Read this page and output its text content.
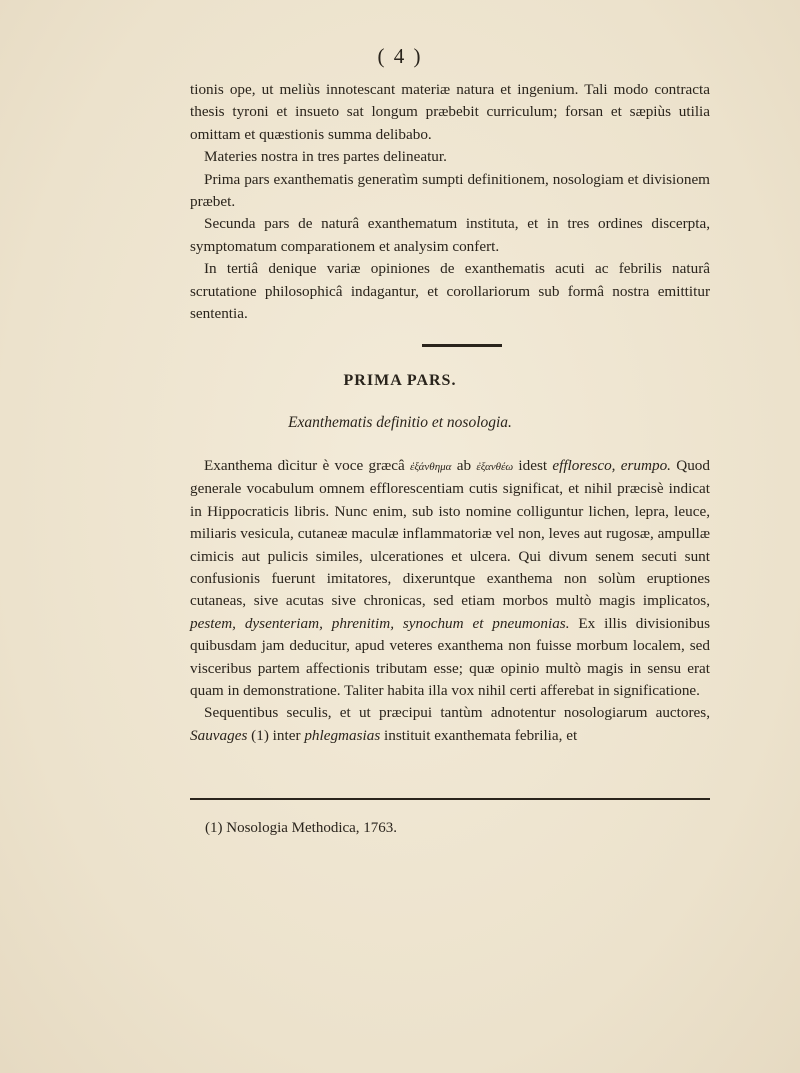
( 4 )

tionis ope, ut meliùs innotescant materiæ natura et ingenium. Tali modo contracta thesis tyroni et insueto sat longum præbebit curriculum; forsan et sæpiùs utilia omittam et quæstionis summa delibabo.

Materies nostra in tres partes delineatur.

Prima pars exanthematis generatìm sumpti definitionem, nosologiam et divisionem præbet.

Secunda pars de naturâ exanthematum instituta, et in tres ordines discerpta, symptomatum comparationem et analysim confert.

In tertiâ denique variæ opiniones de exanthematis acuti ac febrilis naturâ scrutatione philosophicâ indagantur, et corollariorum sub formâ nostra emittitur sententia.

PRIMA PARS.
Exanthematis definitio et nosologia.

Exanthema dìcitur è voce græcâ ἐξάνθημα ab ἐξανθέω idest effloresco, erumpo. Quod generale vocabulum omnem efflorescentiam cutis significat, et nihil præcisè indicat in Hippocraticis libris. Nunc enim, sub isto nomine colliguntur lichen, lepra, leuce, miliaris vesicula, cutaneæ maculæ inflammatoriæ vel non, leves aut rugosæ, ampullæ cimicis aut pulicis similes, ulcerationes et ulcera. Qui divum senem secuti sunt confusionis fuerunt imitatores, dixeruntque exanthema non solùm eruptiones cutaneas, sive acutas sive chronicas, sed etiam morbos multò magis implicatos, pestem, dysenteriam, phrenitim, synochum et pneumonias. Ex illis divisionibus quibusdam jam deducitur, apud veteres exanthema non fuisse morbum localem, sed visceribus partem affectionis tributam esse; quæ opinio multò magis in sensu erat quam in demonstratione. Taliter habita illa vox nihil certi afferebat in significatione.

Sequentibus seculis, et ut præcipui tantùm adnotentur nosologiarum auctores, Sauvages (1) inter phlegmasias instituit exanthemata febrilia, et

(1) Nosologia Methodica, 1763.
